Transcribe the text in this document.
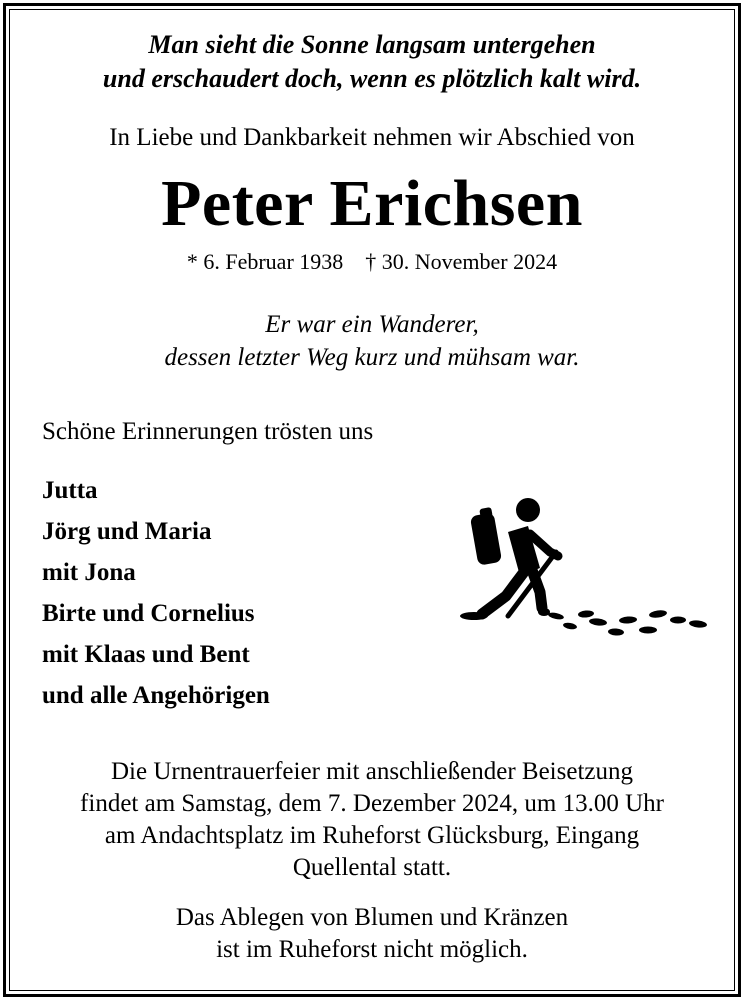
Man sieht die Sonne langsam untergehen
und erschaudert doch, wenn es plötzlich kalt wird.
In Liebe und Dankbarkeit nehmen wir Abschied von
Peter Erichsen
* 6. Februar 1938 † 30. November 2024
Er war ein Wanderer,
dessen letzter Weg kurz und mühsam war.
Schöne Erinnerungen trösten uns
Jutta
Jörg und Maria
mit Jona
Birte und Cornelius
mit Klaas und Bent
und alle Angehörigen
Die Urnentrauerfeier mit anschließender Beisetzung
findet am Samstag, dem 7. Dezember 2024, um 13.00 Uhr
am Andachtsplatz im Ruheforst Glücksburg, Eingang
Quellental statt.
Das Ablegen von Blumen und Kränzen
ist im Ruheforst nicht möglich.
